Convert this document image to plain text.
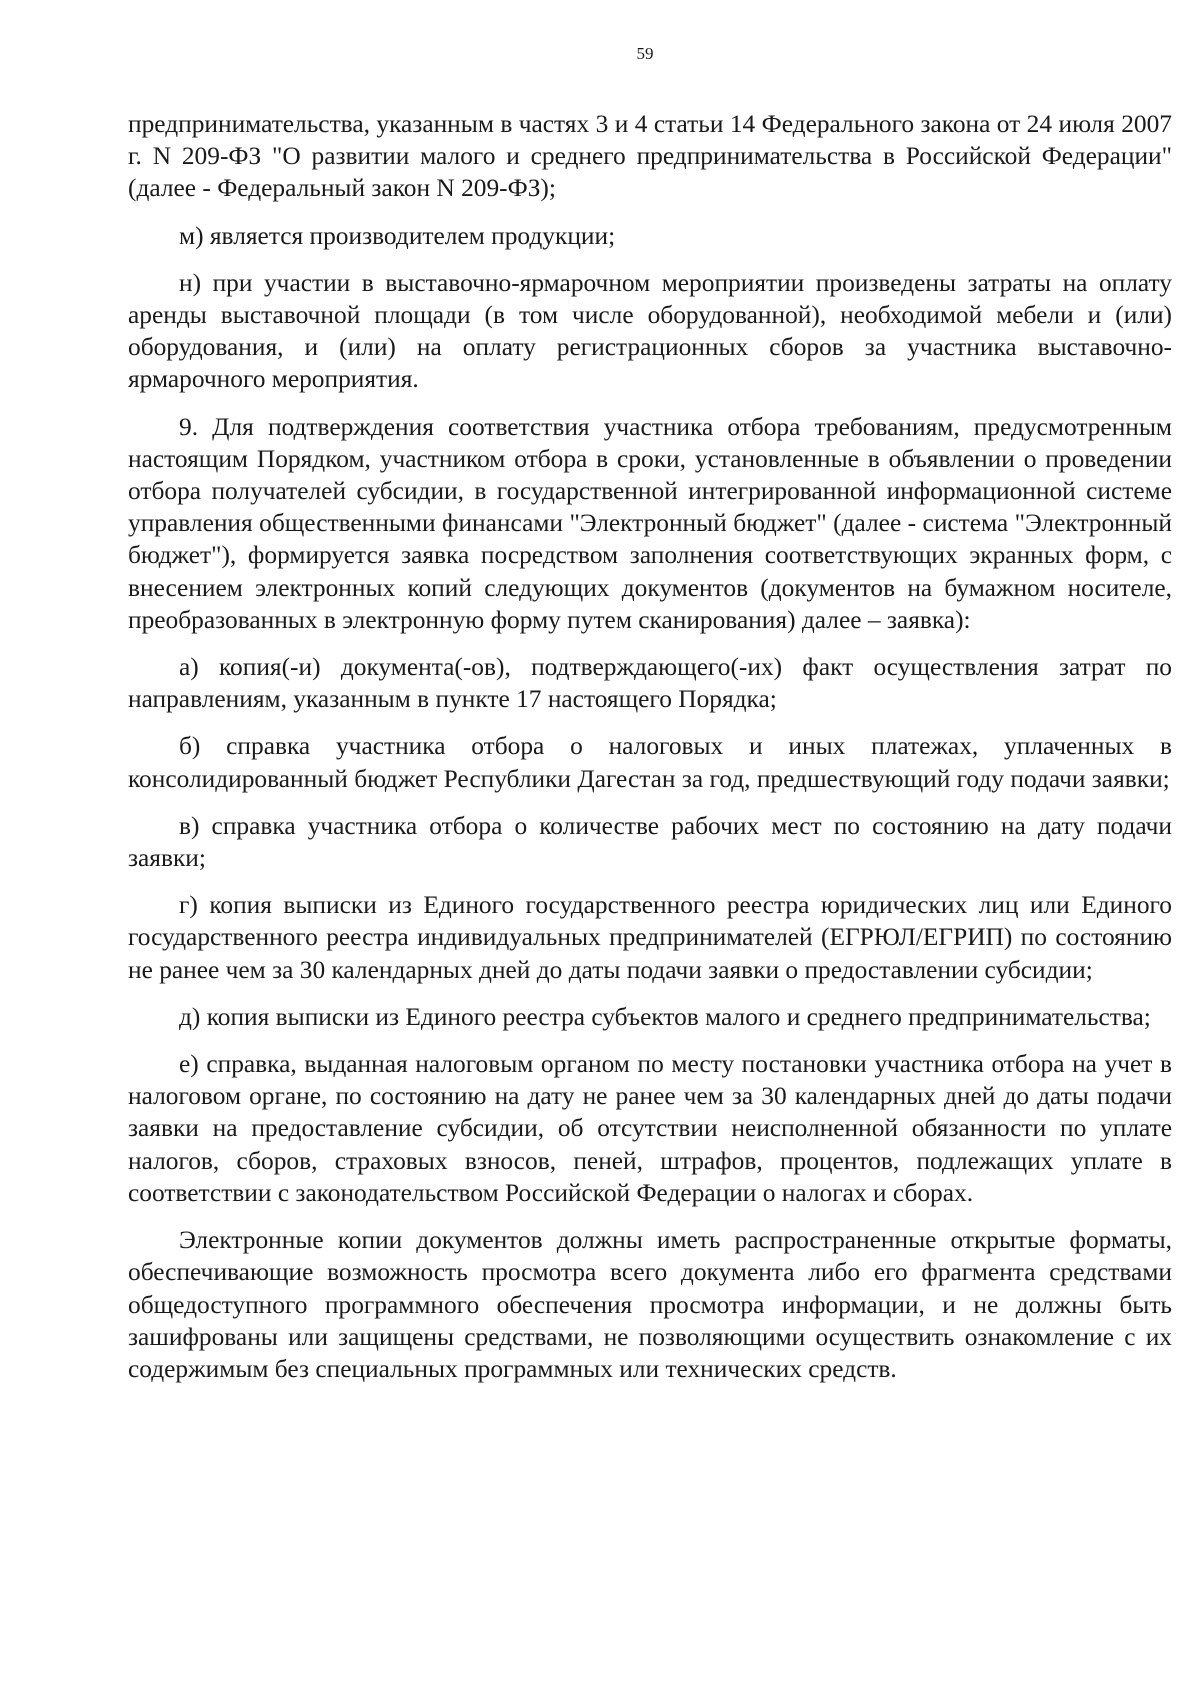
59

предпринимательства, указанным в частях 3 и 4 статьи 14 Федерального закона от 24 июля 2007 г. N 209-ФЗ "О развитии малого и среднего предпринимательства в Российской Федерации" (далее - Федеральный закон N 209-ФЗ);

м) является производителем продукции;

н) при участии в выставочно-ярмарочном мероприятии произведены затраты на оплату аренды выставочной площади (в том числе оборудованной), необходимой мебели и (или) оборудования, и (или) на оплату регистрационных сборов за участника выставочно-ярмарочного мероприятия.

9. Для подтверждения соответствия участника отбора требованиям, предусмотренным настоящим Порядком, участником отбора в сроки, установленные в объявлении о проведении отбора получателей субсидии, в государственной интегрированной информационной системе управления общественными финансами "Электронный бюджет" (далее - система "Электронный бюджет"), формируется заявка посредством заполнения соответствующих экранных форм, с внесением электронных копий следующих документов (документов на бумажном носителе, преобразованных в электронную форму путем сканирования) далее – заявка):

а) копия(-и) документа(-ов), подтверждающего(-их) факт осуществления затрат по направлениям, указанным в пункте 17 настоящего Порядка;

б) справка участника отбора о налоговых и иных платежах, уплаченных в консолидированный бюджет Республики Дагестан за год, предшествующий году подачи заявки;

в) справка участника отбора о количестве рабочих мест по состоянию на дату подачи заявки;

г) копия выписки из Единого государственного реестра юридических лиц или Единого государственного реестра индивидуальных предпринимателей (ЕГРЮЛ/ЕГРИП) по состоянию не ранее чем за 30 календарных дней до даты подачи заявки о предоставлении субсидии;

д) копия выписки из Единого реестра субъектов малого и среднего предпринимательства;

е) справка, выданная налоговым органом по месту постановки участника отбора на учет в налоговом органе, по состоянию на дату не ранее чем за 30 календарных дней до даты подачи заявки на предоставление субсидии, об отсутствии неисполненной обязанности по уплате налогов, сборов, страховых взносов, пеней, штрафов, процентов, подлежащих уплате в соответствии с законодательством Российской Федерации о налогах и сборах.

Электронные копии документов должны иметь распространенные открытые форматы, обеспечивающие возможность просмотра всего документа либо его фрагмента средствами общедоступного программного обеспечения просмотра информации, и не должны быть зашифрованы или защищены средствами, не позволяющими осуществить ознакомление с их содержимым без специальных программных или технических средств.
